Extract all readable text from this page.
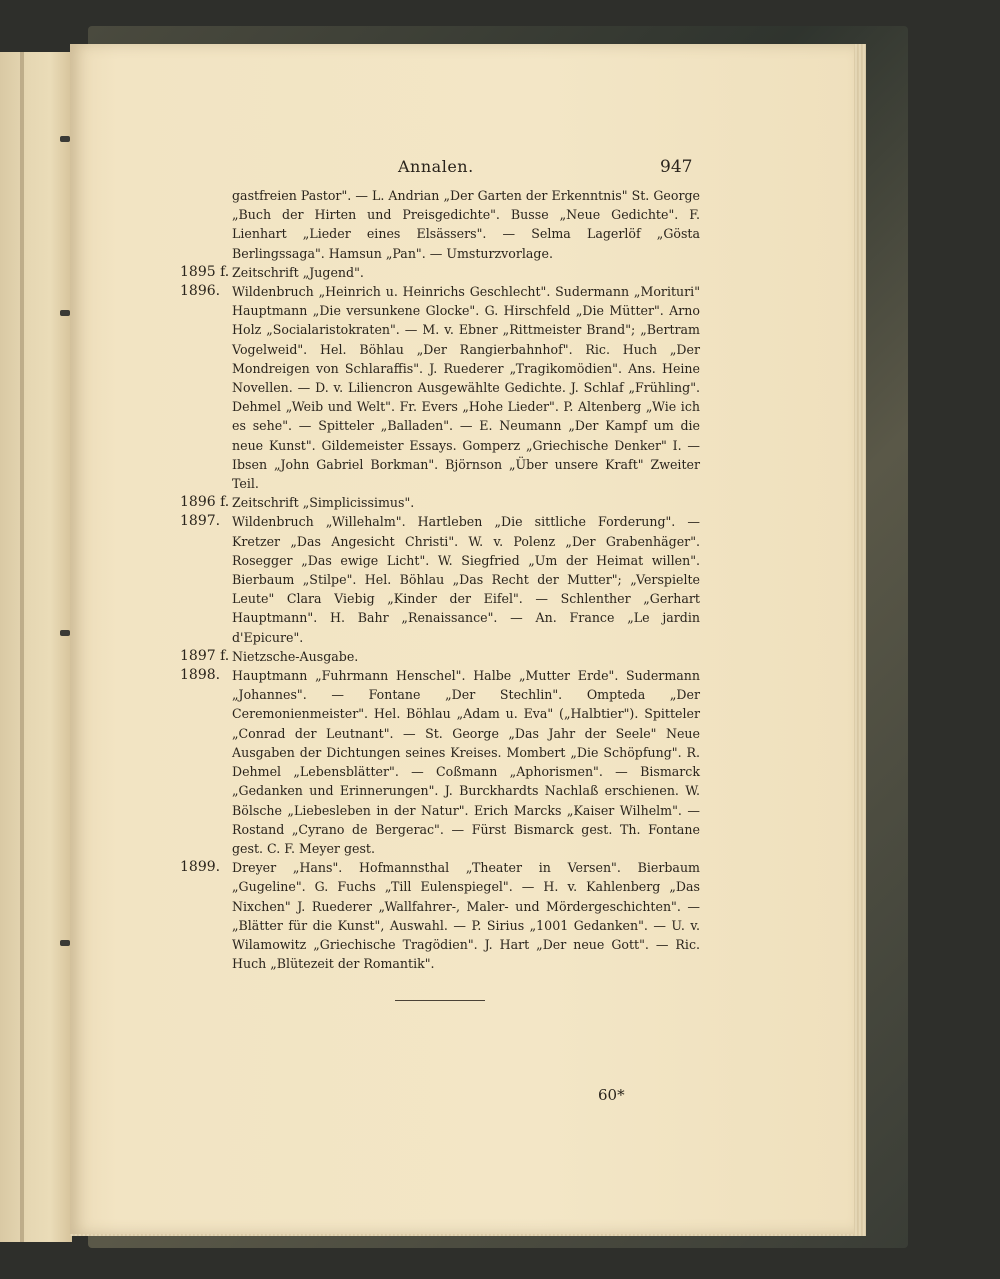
Annalen.	947
gastfreien Pastor". — L. Andrian „Der Garten der Erkenntnis" St. George „Buch der Hirten und Preisgedichte". Busse „Neue Gedichte". F. Lienhart „Lieder eines Elsässers". — Selma Lagerlöf „Gösta Berlingssaga". Hamsun „Pan". — Umsturzvorlage.
1895 f. Zeitschrift „Jugend".
1896. Wildenbruch „Heinrich u. Heinrichs Geschlecht". Sudermann „Morituri" Hauptmann „Die versunkene Glocke". G. Hirschfeld „Die Mütter". Arno Holz „Socialaristokraten". — M. v. Ebner „Rittmeister Brand"; „Bertram Vogelweid". Hel. Böhlau „Der Rangierbahnhof". Ric. Huch „Der Mondreigen von Schlaraffis". J. Ruederer „Tragikomödien". Ans. Heine Novellen. — D. v. Liliencron Ausgewählte Gedichte. J. Schlaf „Frühling". Dehmel „Weib und Welt". Fr. Evers „Hohe Lieder". P. Altenberg „Wie ich es sehe". — Spitteler „Balladen". — E. Neumann „Der Kampf um die neue Kunst". Gildemeister Essays. Gomperz „Griechische Denker" I. — Ibsen „John Gabriel Borkman". Björnson „Über unsere Kraft" Zweiter Teil.
1896 f. Zeitschrift „Simplicissimus".
1897. Wildenbruch „Willehalm". Hartleben „Die sittliche Forderung". — Kretzer „Das Angesicht Christi". W. v. Polenz „Der Grabenhäger". Rosegger „Das ewige Licht". W. Siegfried „Um der Heimat willen". Bierbaum „Stilpe". Hel. Böhlau „Das Recht der Mutter"; „Verspielte Leute" Clara Viebig „Kinder der Eifel". — Schlenther „Gerhart Hauptmann". H. Bahr „Renaissance". — An. France „Le jardin d'Epicure".
1897 f. Nietzsche-Ausgabe.
1898. Hauptmann „Fuhrmann Henschel". Halbe „Mutter Erde". Sudermann „Johannes". — Fontane „Der Stechlin". Ompteda „Der Ceremonienmeister". Hel. Böhlau „Adam u. Eva" („Halbtier"). Spitteler „Conrad der Leutnant". — St. George „Das Jahr der Seele" Neue Ausgaben der Dichtungen seines Kreises. Mombert „Die Schöpfung". R. Dehmel „Lebensblätter". — Coßmann „Aphorismen". — Bismarck „Gedanken und Erinnerungen". J. Burckhardts Nachlaß erschienen. W. Bölsche „Liebesleben in der Natur". Erich Marcks „Kaiser Wilhelm". — Rostand „Cyrano de Bergerac". — Fürst Bismarck gest. Th. Fontane gest. C. F. Meyer gest.
1899. Dreyer „Hans". Hofmannsthal „Theater in Versen". Bierbaum „Gugeline". G. Fuchs „Till Eulenspiegel". — H. v. Kahlenberg „Das Nixchen" J. Ruederer „Wallfahrer-, Maler- und Mördergeschichten". — „Blätter für die Kunst", Auswahl. — P. Sirius „1001 Gedanken". — U. v. Wilamowitz „Griechische Tragödien". J. Hart „Der neue Gott". — Ric. Huch „Blütezeit der Romantik".
60*
